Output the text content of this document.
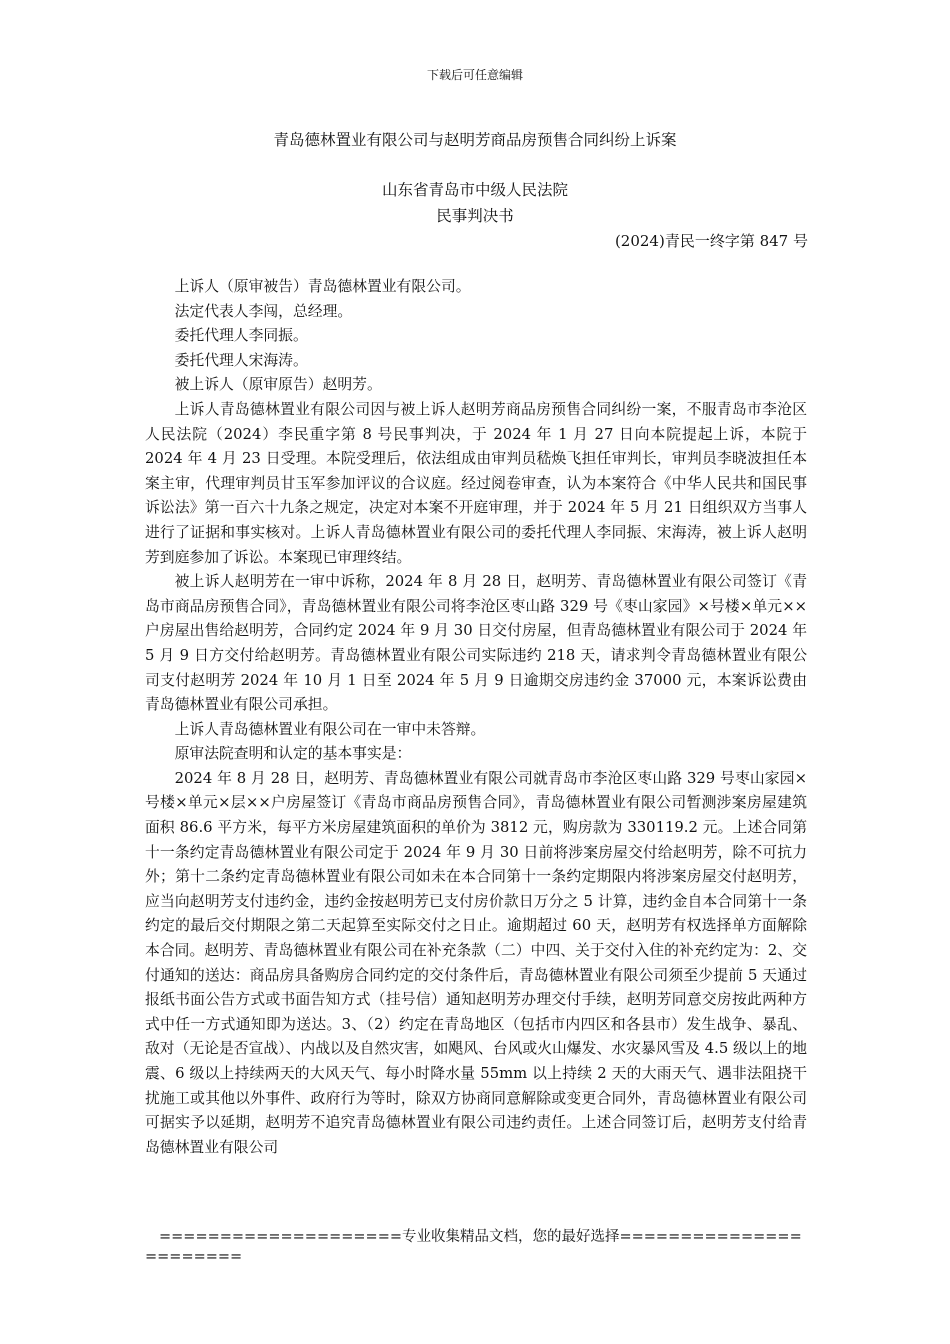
下载后可任意编辑
青岛德林置业有限公司与赵明芳商品房预售合同纠纷上诉案
山东省青岛市中级人民法院
民事判决书
(2024)青民一终字第 847 号

上诉人（原审被告）青岛德林置业有限公司。

法定代表人李闯，总经理。

委托代理人李同振。

委托代理人宋海涛。

被上诉人（原审原告）赵明芳。

上诉人青岛德林置业有限公司因与被上诉人赵明芳商品房预售合同纠纷一案，不服青岛市李沧区人民法院（2024）李民重字第 8 号民事判决，于 2024 年 1 月 27 日向本院提起上诉，本院于 2024 年 4 月 23 日受理。本院受理后，依法组成由审判员嵇焕飞担任审判长，审判员李晓波担任本案主审，代理审判员甘玉军参加评议的合议庭。经过阅卷审查，认为本案符合《中华人民共和国民事诉讼法》第一百六十九条之规定，决定对本案不开庭审理，并于 2024 年 5 月 21 日组织双方当事人进行了证据和事实核对。上诉人青岛德林置业有限公司的委托代理人李同振、宋海涛，被上诉人赵明芳到庭参加了诉讼。本案现已审理终结。

被上诉人赵明芳在一审中诉称，2024 年 8 月 28 日，赵明芳、青岛德林置业有限公司签订《青岛市商品房预售合同》，青岛德林置业有限公司将李沧区枣山路 329 号《枣山家园》×号楼×单元××户房屋出售给赵明芳，合同约定 2024 年 9 月 30 日交付房屋，但青岛德林置业有限公司于 2024 年 5 月 9 日方交付给赵明芳。青岛德林置业有限公司实际违约 218 天，请求判令青岛德林置业有限公司支付赵明芳 2024 年 10 月 1 日至 2024 年 5 月 9 日逾期交房违约金 37000 元，本案诉讼费由青岛德林置业有限公司承担。

上诉人青岛德林置业有限公司在一审中未答辩。

原审法院查明和认定的基本事实是：

2024 年 8 月 28 日，赵明芳、青岛德林置业有限公司就青岛市李沧区枣山路 329 号枣山家园×号楼×单元×层××户房屋签订《青岛市商品房预售合同》，青岛德林置业有限公司暂测涉案房屋建筑面积 86.6 平方米，每平方米房屋建筑面积的单价为 3812 元，购房款为 330119.2 元。上述合同第十一条约定青岛德林置业有限公司定于 2024 年 9 月 30 日前将涉案房屋交付给赵明芳，除不可抗力外；第十二条约定青岛德林置业有限公司如未在本合同第十一条约定期限内将涉案房屋交付赵明芳，应当向赵明芳支付违约金，违约金按赵明芳已支付房价款日万分之 5 计算，违约金自本合同第十一条约定的最后交付期限之第二天起算至实际交付之日止。逾期超过 60 天，赵明芳有权选择单方面解除本合同。赵明芳、青岛德林置业有限公司在补充条款（二）中四、关于交付入住的补充约定为：2、交付通知的送达：商品房具备购房合同约定的交付条件后，青岛德林置业有限公司须至少提前 5 天通过报纸书面公告方式或书面告知方式（挂号信）通知赵明芳办理交付手续，赵明芳同意交房按此两种方式中任一方式通知即为送达。3、（2）约定在青岛地区（包括市内四区和各县市）发生战争、暴乱、敌对（无论是否宣战）、内战以及自然灾害，如飓风、台风或火山爆发、水灾暴风雪及 4.5 级以上的地震、6 级以上持续两天的大风天气、每小时降水量 55mm 以上持续 2 天的大雨天气、遇非法阻挠干扰施工或其他以外事件、政府行为等时，除双方协商同意解除或变更合同外，青岛德林置业有限公司可据实予以延期，赵明芳不追究青岛德林置业有限公司违约责任。上述合同签订后，赵明芳支付给青岛德林置业有限公司

====================专业收集精品文档，您的最好选择=======================
